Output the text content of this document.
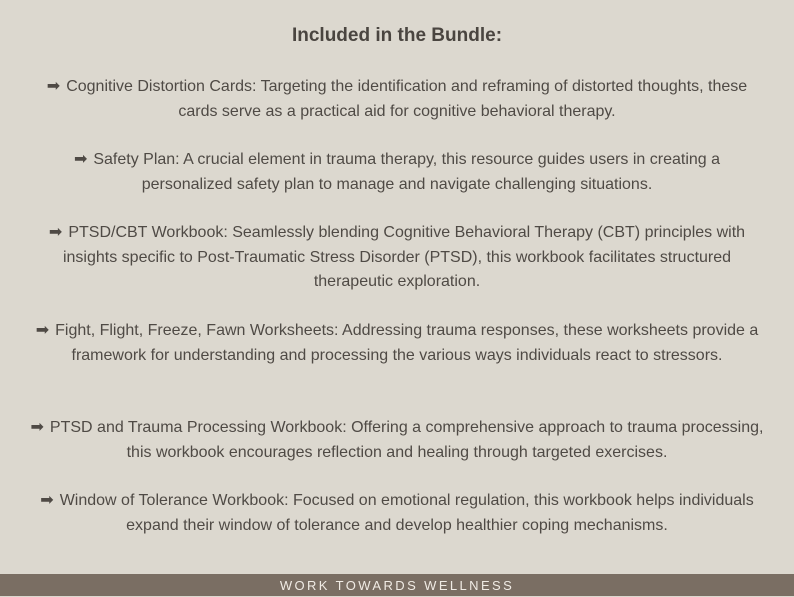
Included in the Bundle:
➡ Cognitive Distortion Cards: Targeting the identification and reframing of distorted thoughts, these cards serve as a practical aid for cognitive behavioral therapy.
➡ Safety Plan: A crucial element in trauma therapy, this resource guides users in creating a personalized safety plan to manage and navigate challenging situations.
➡ PTSD/CBT Workbook: Seamlessly blending Cognitive Behavioral Therapy (CBT) principles with insights specific to Post-Traumatic Stress Disorder (PTSD), this workbook facilitates structured therapeutic exploration.
➡ Fight, Flight, Freeze, Fawn Worksheets: Addressing trauma responses, these worksheets provide a framework for understanding and processing the various ways individuals react to stressors.
➡ PTSD and Trauma Processing Workbook: Offering a comprehensive approach to trauma processing, this workbook encourages reflection and healing through targeted exercises.
➡ Window of Tolerance Workbook: Focused on emotional regulation, this workbook helps individuals expand their window of tolerance and develop healthier coping mechanisms.
WORK TOWARDS WELLNESS
